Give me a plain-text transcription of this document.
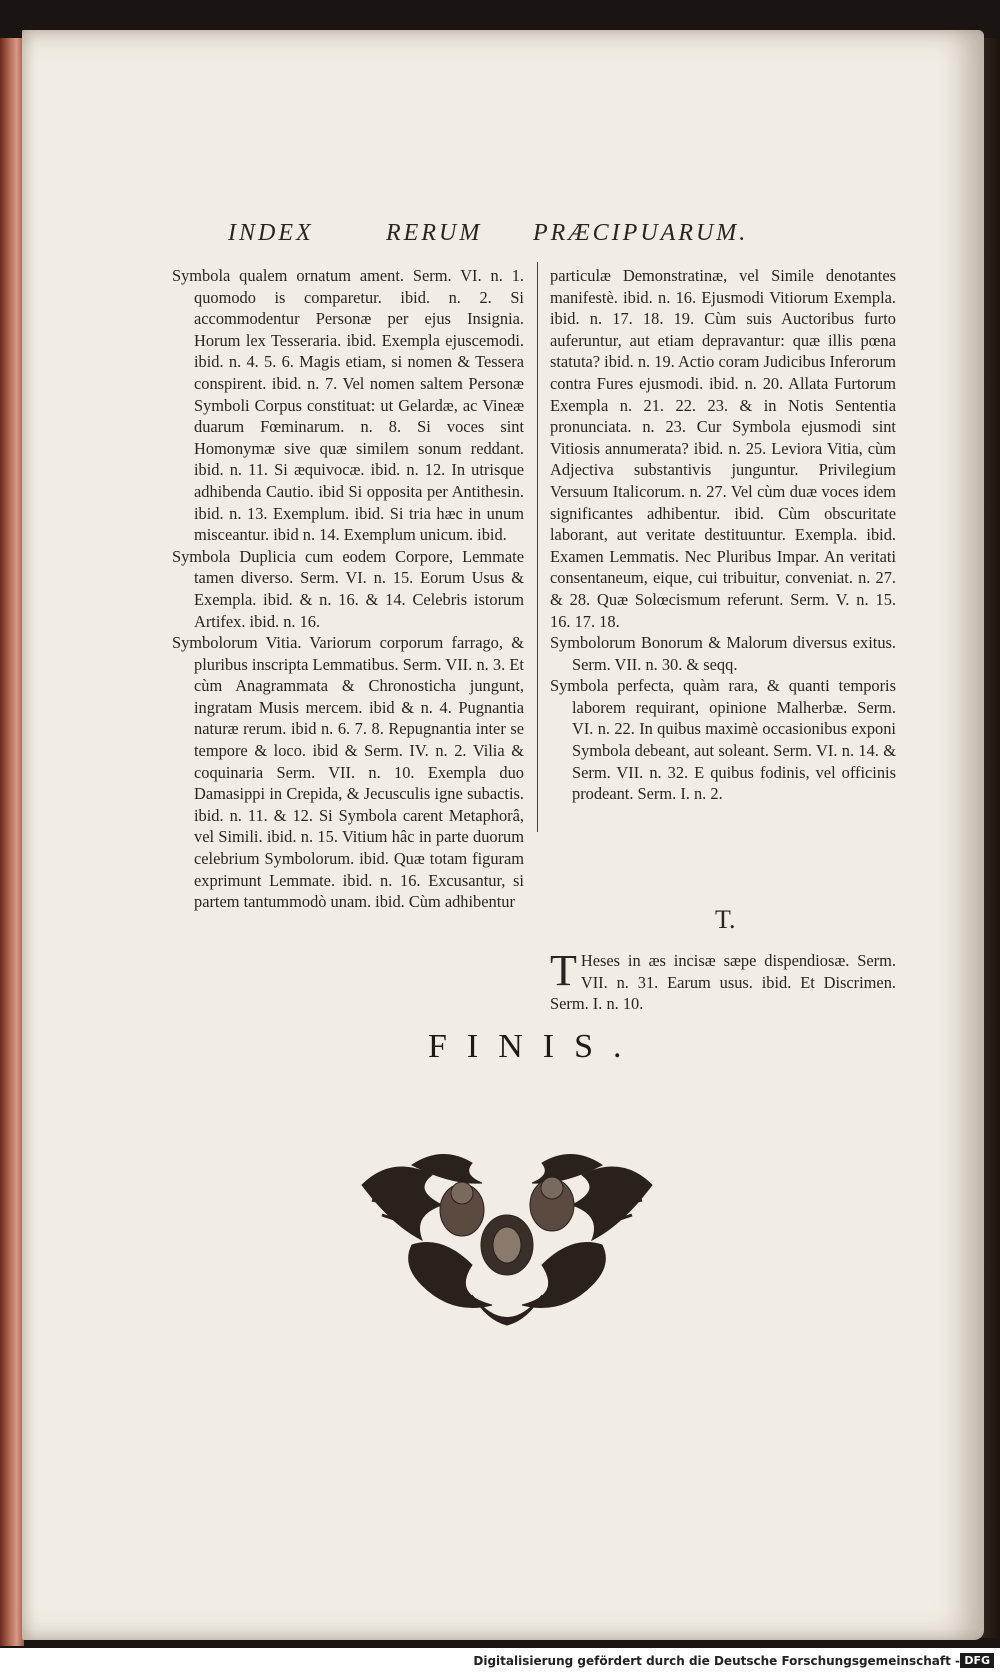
INDEX	RERUM PRÆCIPUARUM.

Symbola qualem ornatum ament. Serm. VI. n. 1. quomodo is comparetur. ibid. n. 2. Si accommodentur Personæ per ejus Insignia. Horum lex Tesseraria. ibid. Exempla ejuscemodi. ibid. n. 4. 5. 6. Magis etiam, si nomen & Tessera conspirent. ibid. n. 7. Vel nomen saltem Personæ Symboli Corpus constituat: ut Gelardæ, ac Vineæ duarum Fœminarum. n. 8. Si voces sint Homonymæ sive quæ similem sonum reddant. ibid. n. 11. Si æquivocæ. ibid. n. 12. In utrisque adhibenda Cautio. ibid Si opposita per Antithesin. ibid. n. 13. Exemplum. ibid. Si tria hæc in unum misceantur. ibid n. 14. Exemplum unicum. ibid.

Symbola Duplicia cum eodem Corpore, Lemmate tamen diverso. Serm. VI. n. 15. Eorum Usus & Exempla. ibid. & n. 16. & 14. Celebris istorum Artifex. ibid. n. 16.

Symbolorum Vitia. Variorum corporum farrago, & pluribus inscripta Lemmatibus. Serm. VII. n. 3. Et cùm Anagrammata & Chronosticha jungunt, ingratam Musis mercem. ibid & n. 4. Pugnantia naturæ rerum. ibid n. 6. 7. 8. Repugnantia inter se tempore & loco. ibid & Serm. IV. n. 2. Vilia & coquinaria Serm. VII. n. 10. Exempla duo Damasippi in Crepida, & Jecusculis igne subactis. ibid. n. 11. & 12. Si Symbola carent Metaphorâ, vel Simili. ibid. n. 15. Vitium hâc in parte duorum celebrium Symbolorum. ibid. Quæ totam figuram exprimunt Lemmate. ibid. n. 16. Excusantur, si partem tantummodò unam. ibid. Cùm adhibentur

particulæ Demonstratinæ, vel Simile denotantes manifestè. ibid. n. 16. Ejusmodi Vitiorum Exempla. ibid. n. 17. 18. 19. Cùm suis Auctoribus furto auferuntur, aut etiam depravantur: quæ illis pœna statuta? ibid. n. 19. Actio coram Judicibus Inferorum contra Fures ejusmodi. ibid. n. 20. Allata Furtorum Exempla n. 21. 22. 23. & in Notis Sententia pronunciata. n. 23. Cur Symbola ejusmodi sint Vitiosis annumerata? ibid. n. 25. Leviora Vitia, cùm Adjectiva substantivis junguntur. Privilegium Versuum Italicorum. n. 27. Vel cùm duæ voces idem significantes adhibentur. ibid. Cùm obscuritate laborant, aut veritate destituuntur. Exempla. ibid. Examen Lemmatis. Nec Pluribus Impar. An veritati consentaneum, eique, cui tribuitur, conveniat. n. 27. & 28. Quæ Solœcismum referunt. Serm. V. n. 15. 16. 17. 18.

Symbolorum Bonorum & Malorum diversus exitus. Serm. VII. n. 30. & seqq.

Symbola perfecta, quàm rara, & quanti temporis laborem requirant, opinione Malherbæ. Serm. VI. n. 22. In quibus maximè occasionibus exponi Symbola debeant, aut soleant. Serm. VI. n. 14. & Serm. VII. n. 32. E quibus fodinis, vel officinis prodeant. Serm. I. n. 2.

T.
T Heses in æs incisæ sæpe dispendiosæ. Serm. VII. n. 31. Earum usus. ibid. Et Discrimen. Serm. I. n. 10.
FINIS.
Digitalisierung gefördert durch die Deutsche Forschungsgemeinschaft - DFG
